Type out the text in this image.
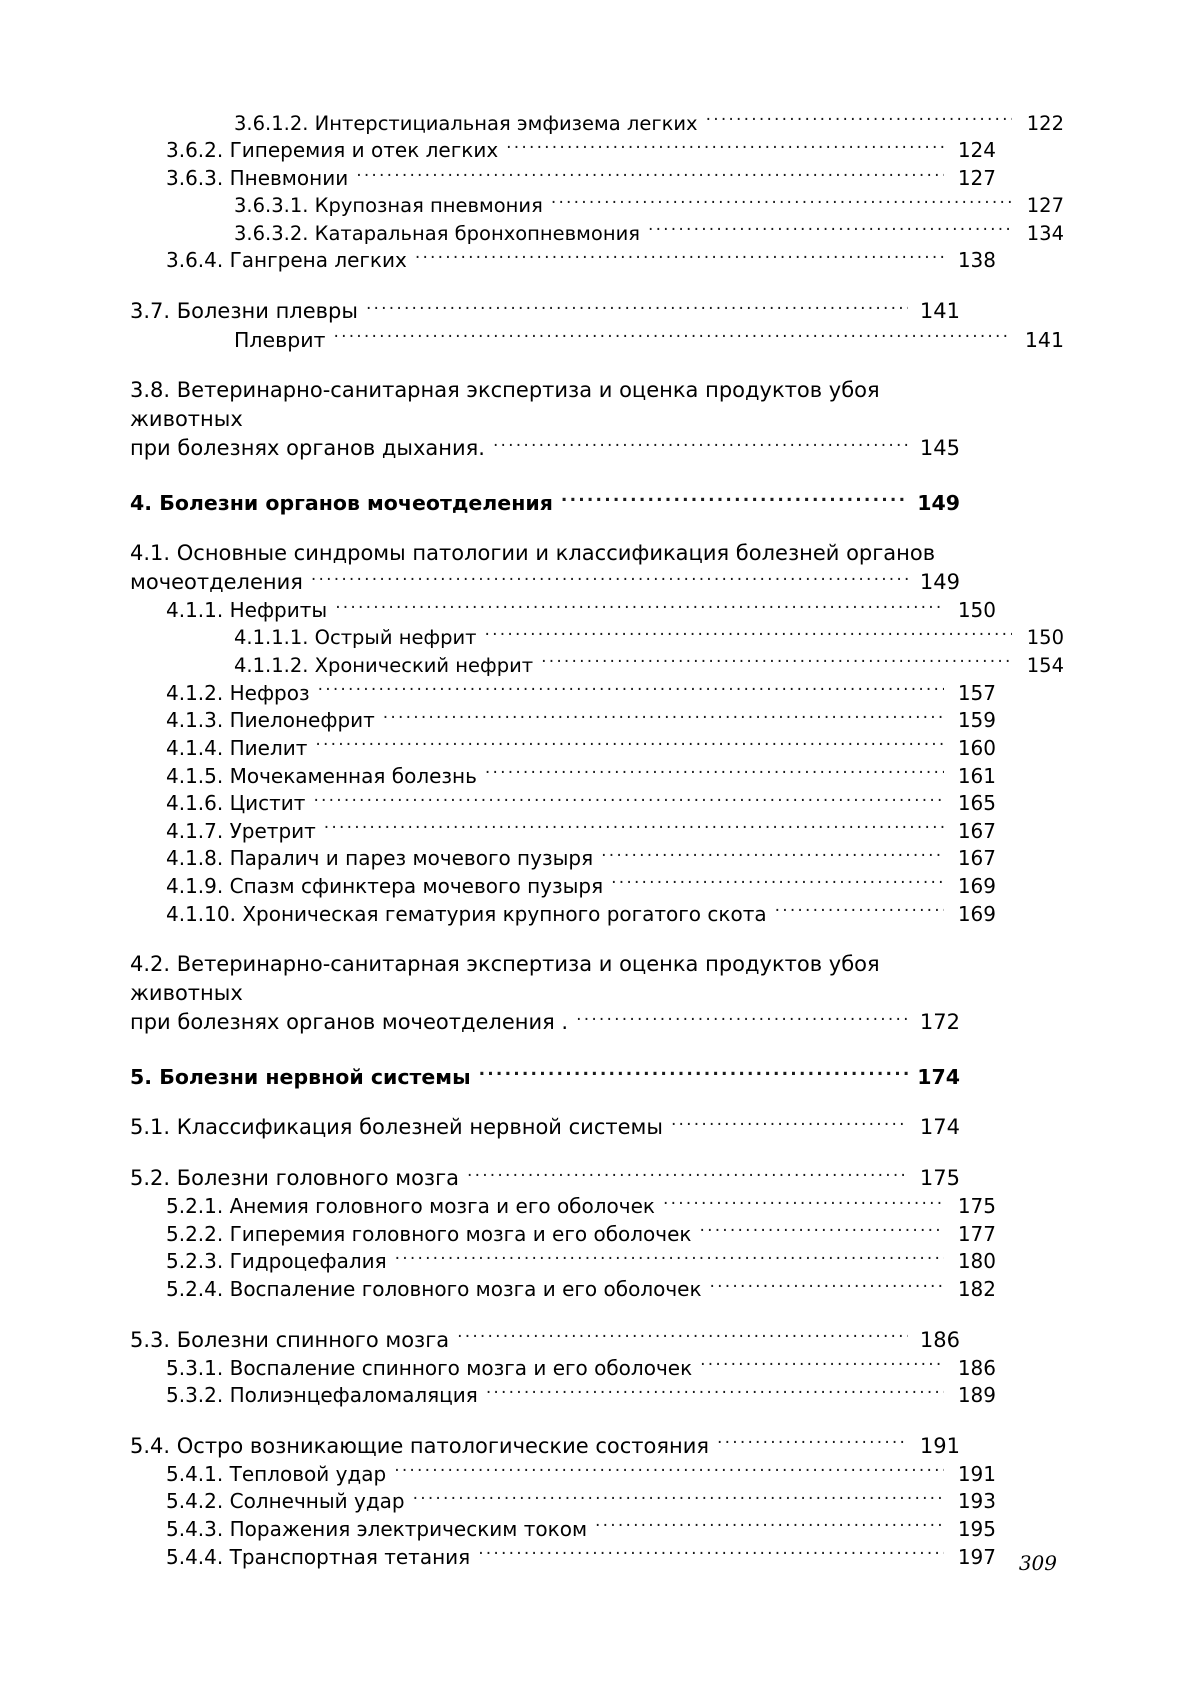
3.6.1.2. Интерстициальная эмфизема легких .....	122
3.6.2. Гиперемия и отек легких .....	124
3.6.3. Пневмонии .....	127
3.6.3.1. Крупозная пневмония .....	127
3.6.3.2. Катаральная бронхопневмония .....	134
3.6.4. Гангрена легких .....	138
3.7. Болезни плевры .....	141
Плеврит .....	141
3.8. Ветеринарно-санитарная экспертиза и оценка продуктов убоя животных
при болезнях органов дыхания. .....	145
4. Болезни органов мочеотделения .....	149
4.1. Основные синдромы патологии и классификация болезней органов
мочеотделения .....	149
4.1.1. Нефриты .....	150
4.1.1.1. Острый нефрит .....	150
4.1.1.2. Хронический нефрит .....	154
4.1.2. Нефроз .....	157
4.1.3. Пиелонефрит .....	159
4.1.4. Пиелит .....	160
4.1.5. Мочекаменная болезнь .....	161
4.1.6. Цистит .....	165
4.1.7. Уретрит .....	167
4.1.8. Паралич и парез мочевого пузыря .....	167
4.1.9. Спазм сфинктера мочевого пузыря .....	169
4.1.10. Хроническая гематурия крупного рогатого скота .....	169
4.2. Ветеринарно-санитарная экспертиза и оценка продуктов убоя животных
при болезнях органов мочеотделения . .....	172
5. Болезни нервной системы .....	174
5.1. Классификация болезней нервной системы .....	174
5.2. Болезни головного мозга .....	175
5.2.1. Анемия головного мозга и его оболочек .....	175
5.2.2. Гиперемия головного мозга и его оболочек .....	177
5.2.3. Гидроцефалия .....	180
5.2.4. Воспаление головного мозга и его оболочек .....	182
5.3. Болезни спинного мозга .....	186
5.3.1. Воспаление спинного мозга и его оболочек .....	186
5.3.2. Полиэнцефаломаляция .....	189
5.4. Остро возникающие патологические состояния .....	191
5.4.1. Тепловой удар .....	191
5.4.2. Солнечный удар .....	193
5.4.3. Поражения электрическим током .....	195
5.4.4. Транспортная тетания .....	197 309
